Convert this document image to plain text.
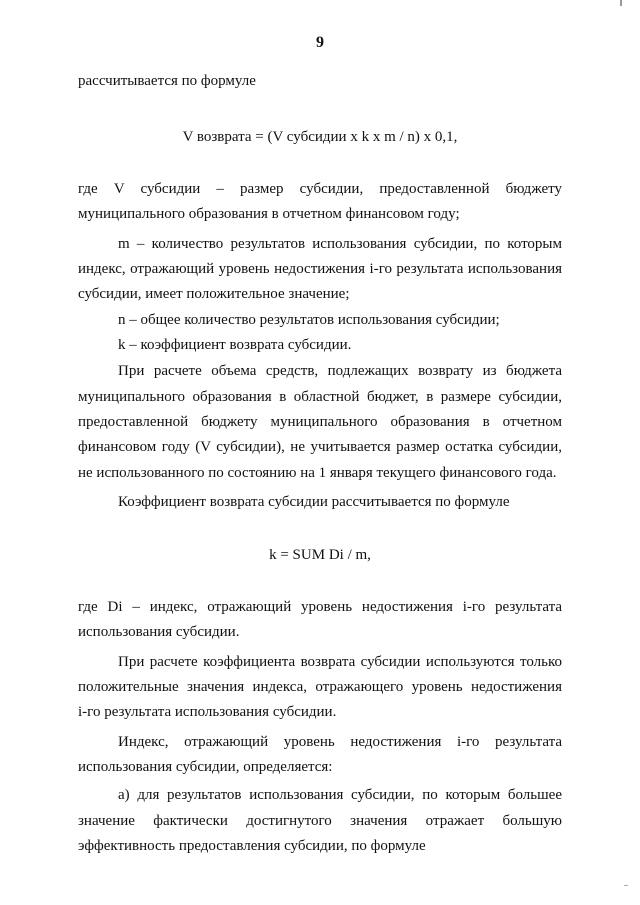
9
рассчитывается по формуле
V возврата = (V субсидии x k x m / n) x 0,1,
где V субсидии – размер субсидии, предоставленной бюджету
муниципального образования в отчетном финансовом году;
m – количество результатов использования субсидии, по которым
индекс, отражающий уровень недостижения i-го результата использования
субсидии, имеет положительное значение;
n – общее количество результатов использования субсидии;
k – коэффициент возврата субсидии.
При расчете объема средств, подлежащих возврату из бюджета
муниципального образования в областной бюджет, в размере субсидии,
предоставленной бюджету муниципального образования в отчетном
финансовом году (V субсидии), не учитывается размер остатка субсидии,
не использованного по состоянию на 1 января текущего финансового года.
Коэффициент возврата субсидии рассчитывается по формуле
k = SUM Di / m,
где Di – индекс, отражающий уровень недостижения i-го результата
использования субсидии.
При расчете коэффициента возврата субсидии используются только
положительные значения индекса, отражающего уровень недостижения
i-го результата использования субсидии.
Индекс, отражающий уровень недостижения i-го результата
использования субсидии, определяется:
а) для результатов использования субсидии, по которым большее
значение фактически достигнутого значения отражает большую
эффективность предоставления субсидии, по формуле
